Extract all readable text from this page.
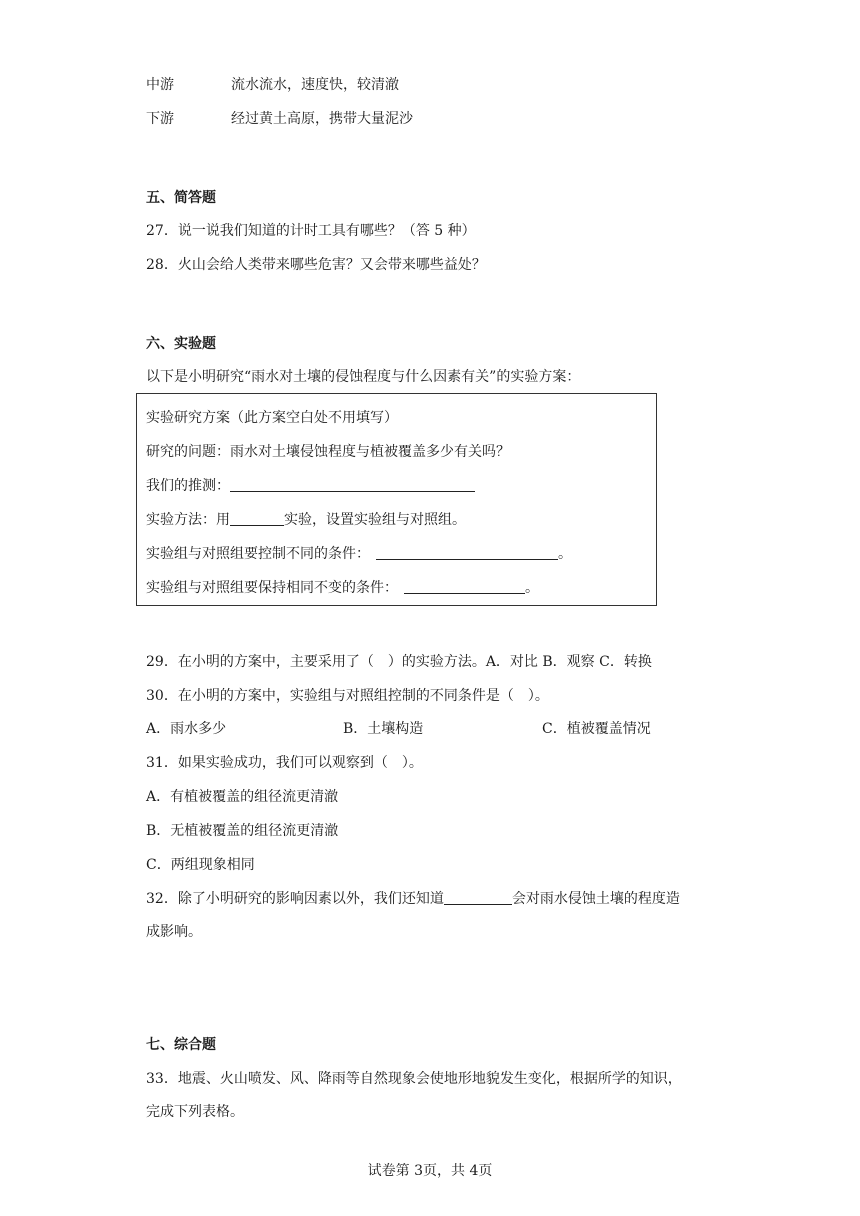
中游	流水流水，速度快，较清澈
下游	经过黄土高原，携带大量泥沙
五、简答题
27．说一说我们知道的计时工具有哪些？（答 5 种）
28．火山会给人类带来哪些危害？又会带来哪些益处？
六、实验题
以下是小明研究“雨水对土壤的侵蚀程度与什么因素有关”的实验方案：
实验研究方案（此方案空白处不用填写）
研究的问题：雨水对土壤侵蚀程度与植被覆盖多少有关吗？
我们的推测：
实验方法：用	实验，设置实验组与对照组。
实验组与对照组要控制不同的条件：	。
实验组与对照组要保持相同不变的条件：	。
29．在小明的方案中，主要采用了（　）的实验方法。A．对比 B．观察 C．转换
30．在小明的方案中，实验组与对照组控制的不同条件是（　）。
A．雨水多少	B．土壤构造	C．植被覆盖情况
31．如果实验成功，我们可以观察到（　）。
A．有植被覆盖的组径流更清澈
B．无植被覆盖的组径流更清澈
C．两组现象相同
32．除了小明研究的影响因素以外，我们还知道	会对雨水侵蚀土壤的程度造
成影响。
七、综合题
33．地震、火山喷发、风、降雨等自然现象会使地形地貌发生变化，根据所学的知识，
完成下列表格。
试卷第 3页，共 4页
